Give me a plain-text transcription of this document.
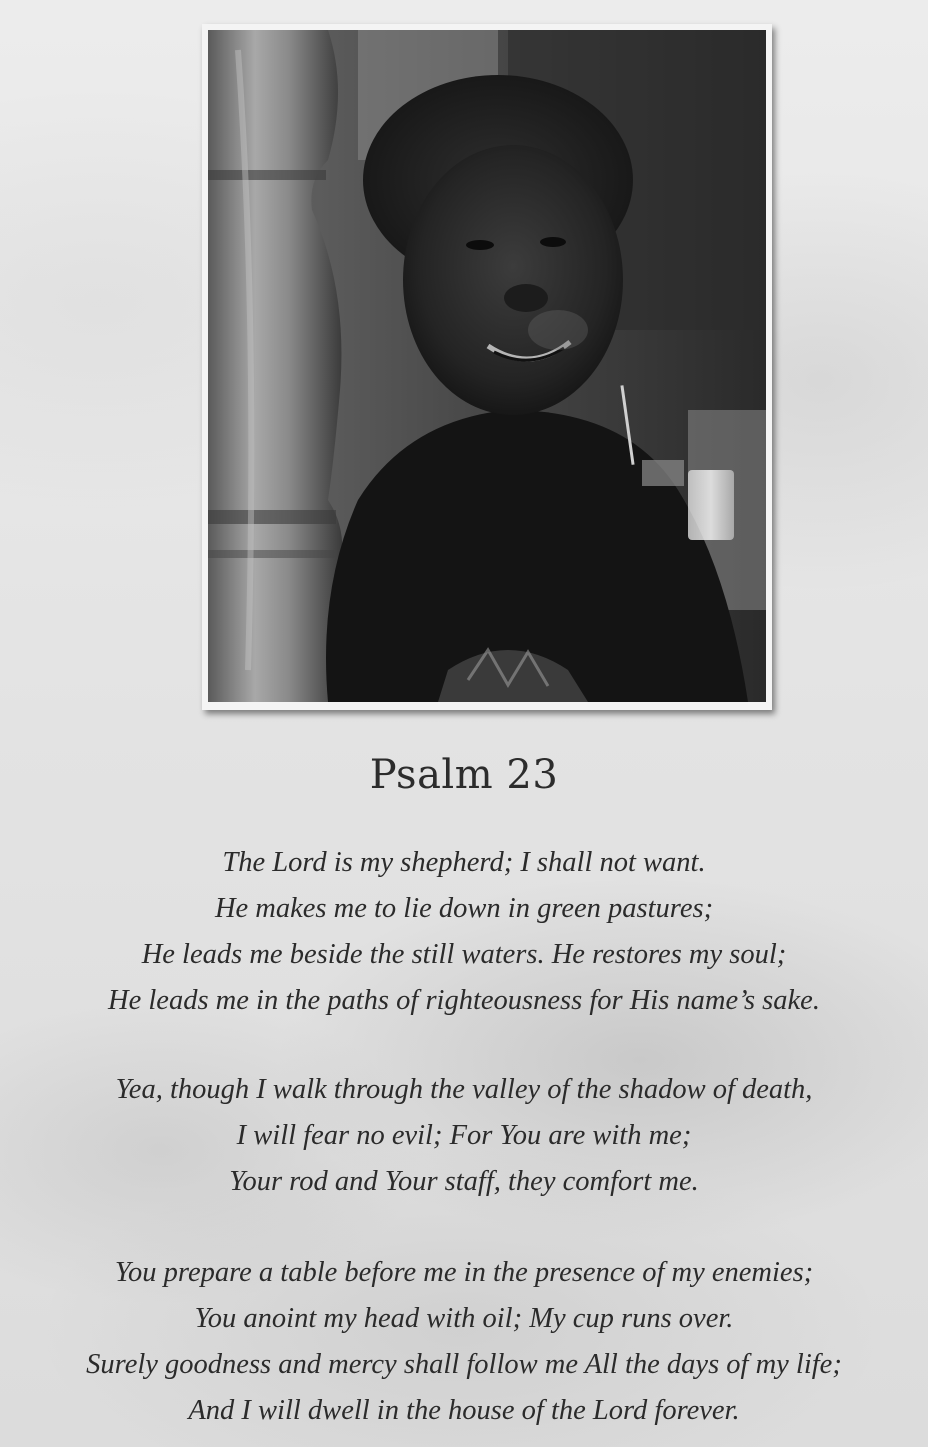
Psalm 23
The Lord is my shepherd; I shall not want.
He makes me to lie down in green pastures;
He leads me beside the still waters. He restores my soul;
He leads me in the paths of righteousness for His name’s sake.
Yea, though I walk through the valley of the shadow of death,
I will fear no evil; For You are with me;
Your rod and Your staff, they comfort me.
You prepare a table before me in the presence of my enemies;
You anoint my head with oil; My cup runs over.
Surely goodness and mercy shall follow me All the days of my life;
And I will dwell in the house of the Lord forever.
